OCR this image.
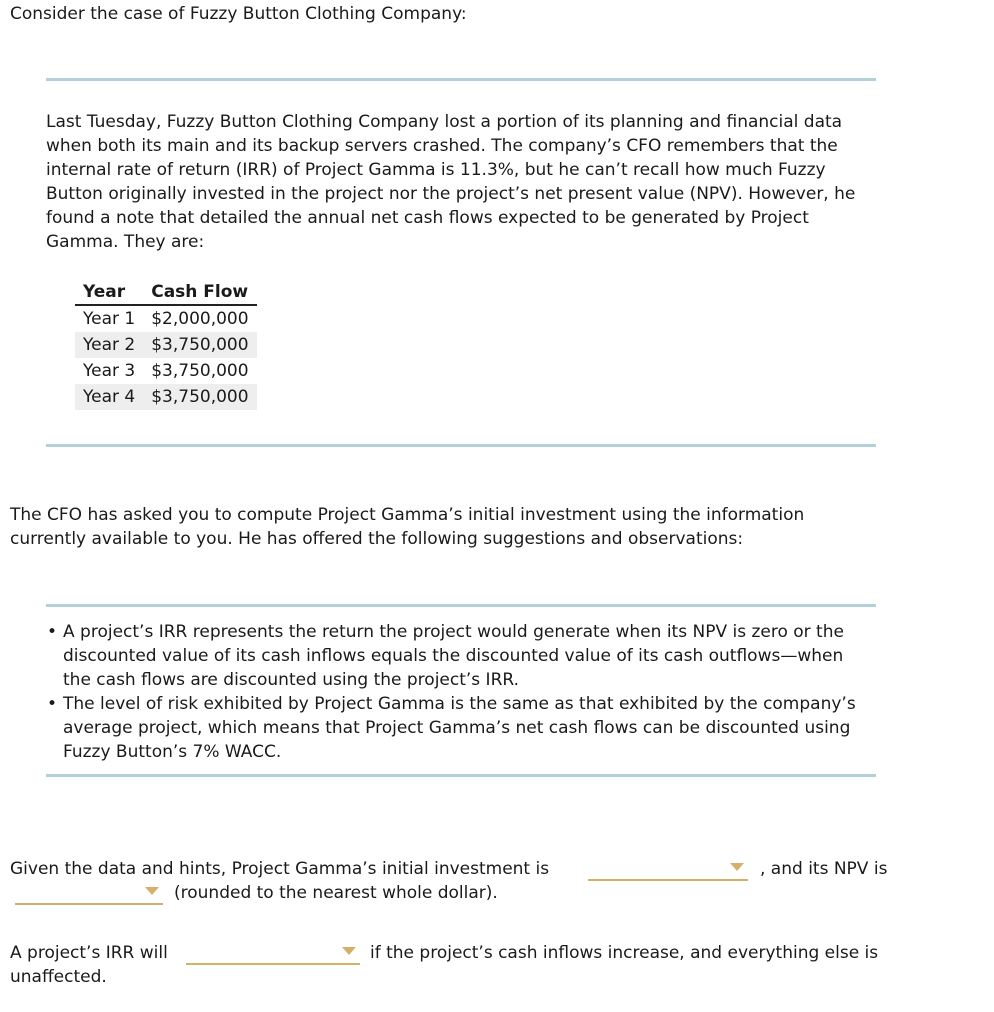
Consider the case of Fuzzy Button Clothing Company:

Last Tuesday, Fuzzy Button Clothing Company lost a portion of its planning and financial data when both its main and its backup servers crashed. The company’s CFO remembers that the internal rate of return (IRR) of Project Gamma is 11.3%, but he can’t recall how much Fuzzy Button originally invested in the project nor the project’s net present value (NPV). However, he found a note that detailed the annual net cash flows expected to be generated by Project Gamma. They are:

Year	Cash Flow
Year 1	$2,000,000
Year 2	$3,750,000
Year 3	$3,750,000
Year 4	$3,750,000

The CFO has asked you to compute Project Gamma’s initial investment using the information currently available to you. He has offered the following suggestions and observations:

• A project’s IRR represents the return the project would generate when its NPV is zero or the discounted value of its cash inflows equals the discounted value of its cash outflows—when the cash flows are discounted using the project’s IRR.
• The level of risk exhibited by Project Gamma is the same as that exhibited by the company’s average project, which means that Project Gamma’s net cash flows can be discounted using Fuzzy Button’s 7% WACC.
Given the data and hints, Project Gamma’s initial investment is	, and its NPV is
(rounded to the nearest whole dollar).
A project’s IRR will	if the project’s cash inflows increase, and everything else is
unaffected.
